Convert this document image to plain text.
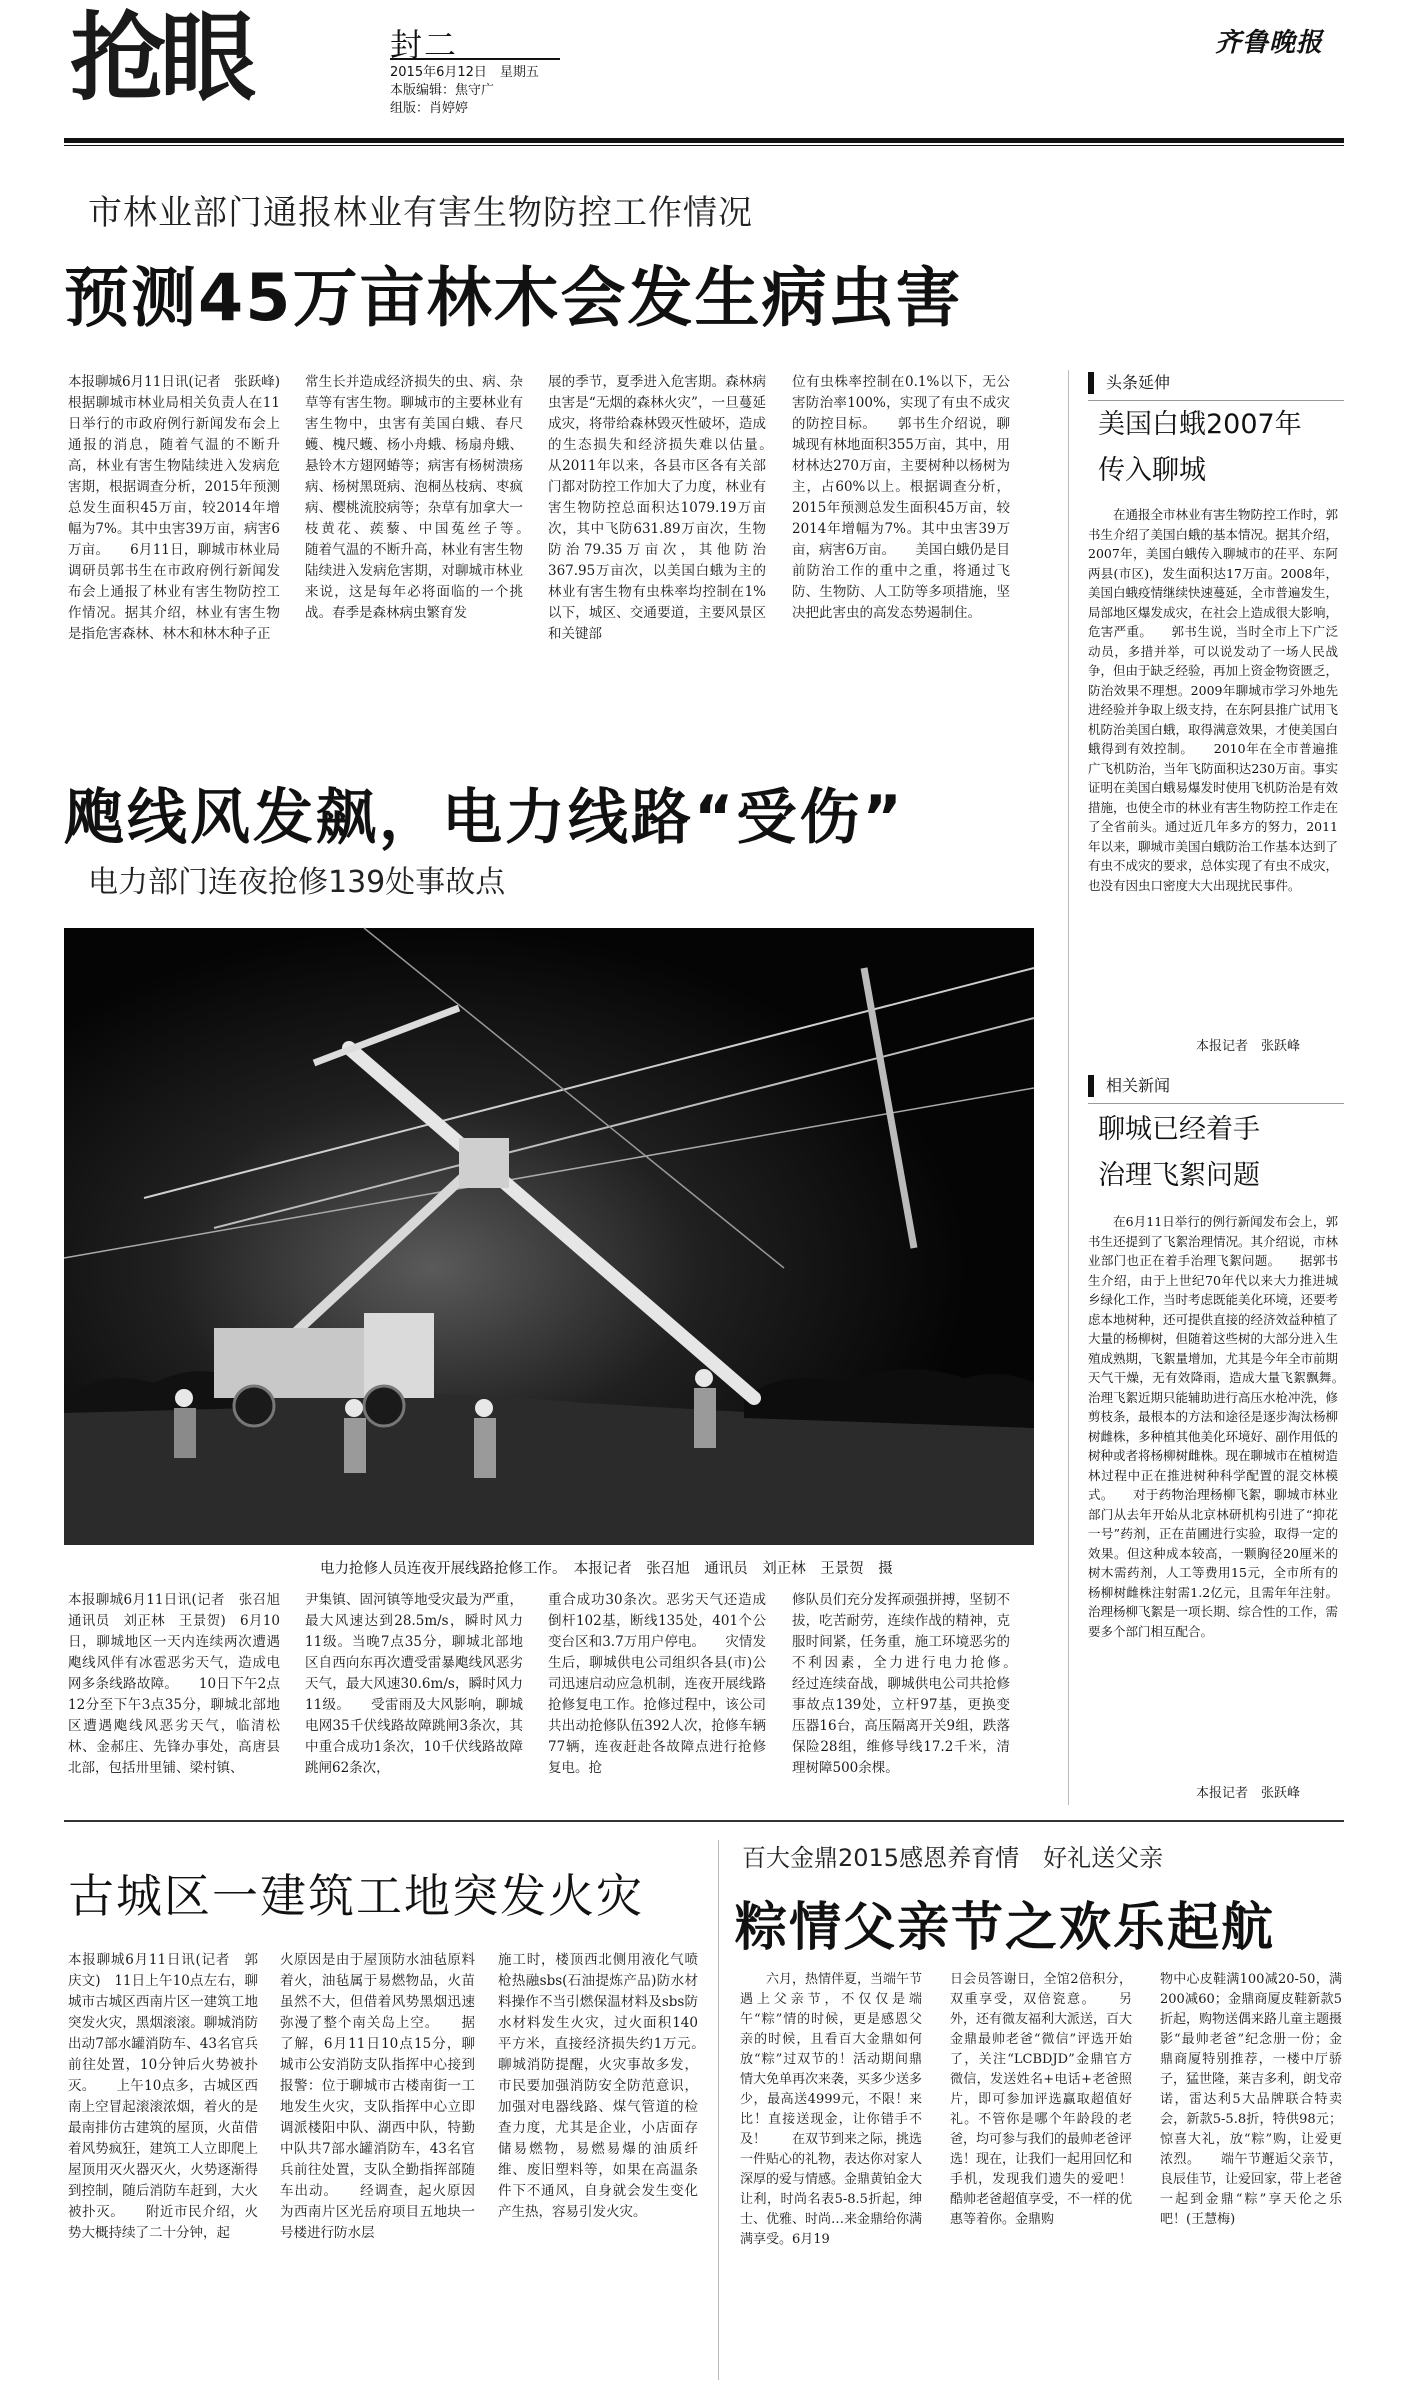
抢眼	封二
2015年6月12日　星期五
本版编辑：焦守广
组版：肖婷婷
齐鲁晚报
市林业部门通报林业有害生物防控工作情况
预测45万亩林木会发生病虫害
本报聊城6月11日讯(记者　张跃峰)　根据聊城市林业局相关负责人在11日举行的市政府例行新闻发布会上通报的消息，随着气温的不断升高，林业有害生物陆续进入发病危害期，根据调查分析，2015年预测总发生面积45万亩，较2014年增幅为7%。其中虫害39万亩，病害6万亩。　　6月11日，聊城市林业局调研员郭书生在市政府例行新闻发布会上通报了林业有害生物防控工作情况。据其介绍，林业有害生物是指危害森林、林木和林木种子正
常生长并造成经济损失的虫、病、杂草等有害生物。聊城市的主要林业有害生物中，虫害有美国白蛾、春尺蠖、槐尺蠖、杨小舟蛾、杨扇舟蛾、悬铃木方翅网蝽等；病害有杨树溃疡病、杨树黑斑病、泡桐丛枝病、枣疯病、樱桃流胶病等；杂草有加拿大一枝黄花、蒺藜、中国菟丝子等。　　随着气温的不断升高，林业有害生物陆续进入发病危害期，对聊城市林业来说，这是每年必将面临的一个挑战。春季是森林病虫繁育发
展的季节，夏季进入危害期。森林病虫害是“无烟的森林火灾”，一旦蔓延成灾，将带给森林毁灭性破坏，造成的生态损失和经济损失难以估量。　　从2011年以来，各县市区各有关部门都对防控工作加大了力度，林业有害生物防控总面积达1079.19万亩次，其中飞防631.89万亩次，生物防治79.35万亩次，其他防治367.95万亩次，以美国白蛾为主的林业有害生物有虫株率均控制在1%以下，城区、交通要道，主要风景区和关键部
位有虫株率控制在0.1%以下，无公害防治率100%，实现了有虫不成灾的防控目标。　　郭书生介绍说，聊城现有林地面积355万亩，其中，用材林达270万亩，主要树种以杨树为主，占60%以上。根据调查分析，2015年预测总发生面积45万亩，较2014年增幅为7%。其中虫害39万亩，病害6万亩。　　美国白蛾仍是目前防治工作的重中之重，将通过飞防、生物防、人工防等多项措施，坚决把此害虫的高发态势遏制住。
头条延伸
美国白蛾2007年
传入聊城
　　在通报全市林业有害生物防控工作时，郭书生介绍了美国白蛾的基本情况。据其介绍，2007年，美国白蛾传入聊城市的茌平、东阿两县(市区)，发生面积达17万亩。2008年，美国白蛾疫情继续快速蔓延，全市普遍发生，局部地区爆发成灾，在社会上造成很大影响，危害严重。　　郭书生说，当时全市上下广泛动员，多措并举，可以说发动了一场人民战争，但由于缺乏经验，再加上资金物资匮乏，防治效果不理想。2009年聊城市学习外地先进经验并争取上级支持，在东阿县推广试用飞机防治美国白蛾，取得满意效果，才使美国白蛾得到有效控制。　　2010年在全市普遍推广飞机防治，当年飞防面积达230万亩。事实证明在美国白蛾易爆发时使用飞机防治是有效措施，也使全市的林业有害生物防控工作走在了全省前头。通过近几年多方的努力，2011年以来，聊城市美国白蛾防治工作基本达到了有虫不成灾的要求，总体实现了有虫不成灾，也没有因虫口密度大大出现扰民事件。
本报记者　张跃峰
相关新闻
聊城已经着手
治理飞絮问题
　　在6月11日举行的例行新闻发布会上，郭书生还提到了飞絮治理情况。其介绍说，市林业部门也正在着手治理飞絮问题。　　据郭书生介绍，由于上世纪70年代以来大力推进城乡绿化工作，当时考虑既能美化环境，还要考虑本地树种，还可提供直接的经济效益种植了大量的杨柳树，但随着这些树的大部分进入生殖成熟期，飞絮量增加，尤其是今年全市前期天气干燥，无有效降雨，造成大量飞絮飘舞。　　治理飞絮近期只能辅助进行高压水枪冲洗，修剪枝条，最根本的方法和途径是逐步淘汰杨柳树雌株，多种植其他美化环境好、副作用低的树种或者将杨柳树雌株。现在聊城市在植树造林过程中正在推进树种科学配置的混交林模式。　　对于药物治理杨柳飞絮，聊城市林业部门从去年开始从北京林研机构引进了“抑花一号”药剂，正在苗圃进行实验，取得一定的效果。但这种成本较高，一颗胸径20厘米的树木需药剂，人工等费用15元，全市所有的杨柳树雌株注射需1.2亿元，且需年年注射。治理杨柳飞絮是一项长期、综合性的工作，需要多个部门相互配合。
本报记者　张跃峰
飑线风发飙，电力线路“受伤”
电力部门连夜抢修139处事故点
电力抢修人员连夜开展线路抢修工作。　本报记者　张召旭　通讯员　刘正林　王景贺　摄
本报聊城6月11日讯(记者　张召旭　通讯员　刘正林　王景贺)　6月10日，聊城地区一天内连续两次遭遇飑线风伴有冰雹恶劣天气，造成电网多条线路故障。　　10日下午2点12分至下午3点35分，聊城北部地区遭遇飑线风恶劣天气，临清松林、金郝庄、先锋办事处，高唐县北部，包括卅里铺、梁村镇、
尹集镇、固河镇等地受灾最为严重，最大风速达到28.5m/s，瞬时风力11级。当晚7点35分，聊城北部地区自西向东再次遭受雷暴飑线风恶劣天气，最大风速30.6m/s，瞬时风力11级。　　受雷雨及大风影响，聊城电网35千伏线路故障跳闸3条次，其中重合成功1条次，10千伏线路故障跳闸62条次，
重合成功30条次。恶劣天气还造成倒杆102基，断线135处，401个公变台区和3.7万用户停电。　　灾情发生后，聊城供电公司组织各县(市)公司迅速启动应急机制，连夜开展线路抢修复电工作。抢修过程中，该公司共出动抢修队伍392人次，抢修车辆77辆，连夜赶赴各故障点进行抢修复电。抢
修队员们充分发挥顽强拼搏，坚韧不拔，吃苦耐劳，连续作战的精神，克服时间紧，任务重，施工环境恶劣的不利因素，全力进行电力抢修。　　经过连续奋战，聊城供电公司共抢修事故点139处，立杆97基，更换变压器16台，高压隔离开关9组，跌落保险28组，维修导线17.2千米，清理树障500余棵。
古城区一建筑工地突发火灾
本报聊城6月11日讯(记者　郭庆文)　11日上午10点左右，聊城市古城区西南片区一建筑工地突发火灾，黑烟滚滚。聊城消防出动7部水罐消防车、43名官兵前往处置，10分钟后火势被扑灭。　　上午10点多，古城区西南上空冒起滚滚浓烟，着火的是最南排仿古建筑的屋顶，火苗借着风势疯狂，建筑工人立即爬上屋顶用灭火器灭火，火势逐渐得到控制，随后消防车赶到，大火被扑灭。　　附近市民介绍，火势大概持续了二十分钟，起
火原因是由于屋顶防水油毡原料着火，油毡属于易燃物品，火苗虽然不大，但借着风势黑烟迅速弥漫了整个南关岛上空。　　据了解，6月11日10点15分，聊城市公安消防支队指挥中心接到报警：位于聊城市古楼南街一工地发生火灾，支队指挥中心立即调派楼阳中队、湖西中队，特勤中队共7部水罐消防车，43名官兵前往处置，支队全勤指挥部随车出动。　　经调查，起火原因为西南片区光岳府项目五地块一号楼进行防水层
施工时，楼顶西北侧用液化气喷枪热融sbs(石油提炼产品)防水材料操作不当引燃保温材料及sbs防水材料发生火灾，过火面积140平方米，直接经济损失约1万元。　　聊城消防提醒，火灾事故多发，市民要加强消防安全防范意识，加强对电器线路、煤气管道的检查力度，尤其是企业，小店面存储易燃物，易燃易爆的油质纤维、废旧塑料等，如果在高温条件下不通风，自身就会发生变化产生热，容易引发火灾。
百大金鼎2015感恩养育情　好礼送父亲
粽情父亲节之欢乐起航
　　六月，热情伴夏，当端午节遇上父亲节，不仅仅是端午“粽”情的时候，更是感恩父亲的时候，且看百大金鼎如何放“粽”过双节的！活动期间鼎情大免单再次来袭，买多少送多少，最高送4999元，不限！来比！直接送现金，让你错手不及！　　在双节到来之际，挑选一件贴心的礼物，表达你对家人深厚的爱与情感。金鼎黄铂金大让利，时尚名表5-8.5折起，绅士、优雅、时尚…来金鼎给你满满享受。6月19
日会员答谢日，全馆2倍积分，双重享受，双倍瓷意。　　另外，还有微友福利大派送，百大金鼎最帅老爸“微信”评选开始了，关注“LCBDJD”金鼎官方微信，发送姓名+电话+老爸照片，即可参加评选赢取超值好礼。不管你是哪个年龄段的老爸，均可参与我们的最帅老爸评选！现在，让我们一起用回忆和手机，发现我们遗失的爱吧！　　酷帅老爸超值享受，不一样的优惠等着你。金鼎购
物中心皮鞋满100减20-50，满200减60；金鼎商厦皮鞋新款5折起，购物送偶来路儿童主题摄影“最帅老爸”纪念册一份；金鼎商厦特别推荐，一楼中厅骄子，猛世隆，莱吉多利，朗戈帝诺，雷达利5大品牌联合特卖会，新款5-5.8折，特供98元；惊喜大礼，放“粽”购，让爱更浓烈。　　端午节邂逅父亲节，良辰佳节，让爱回家，带上老爸一起到金鼎“粽”享天伦之乐吧！(王慧梅)
